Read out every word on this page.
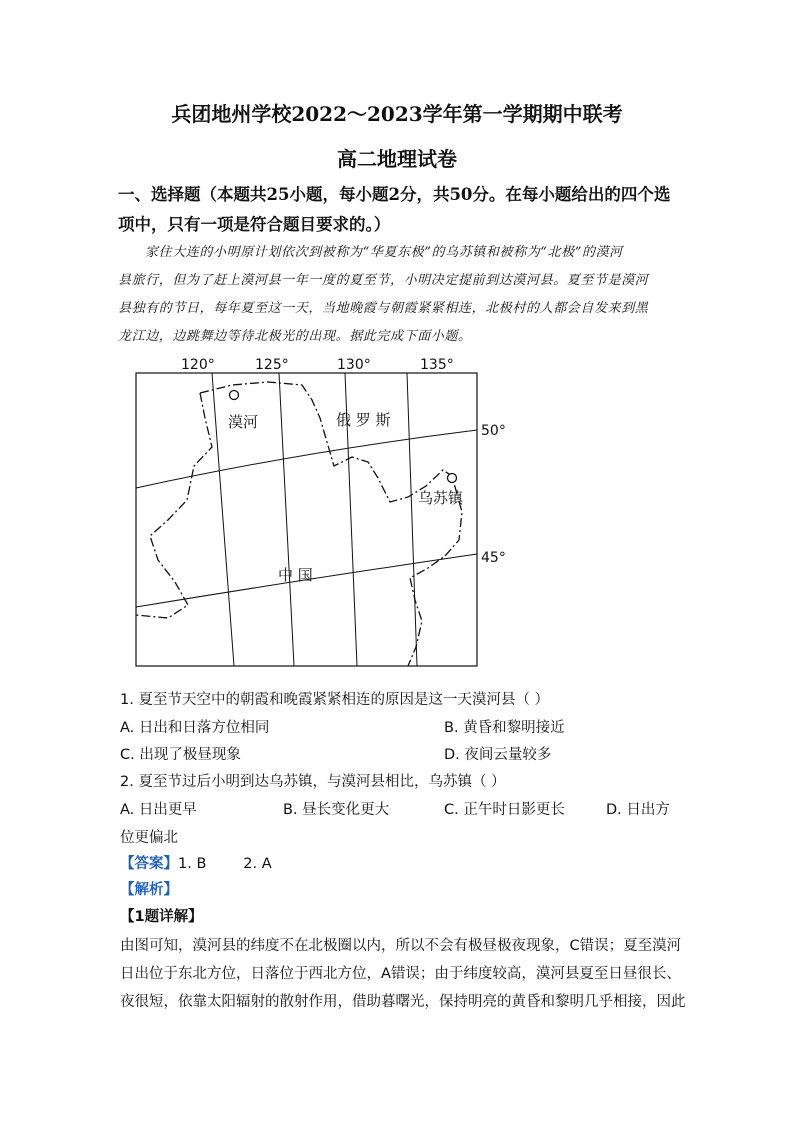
兵团地州学校2022～2023学年第一学期期中联考
高二地理试卷
一、选择题（本题共25小题，每小题2分，共50分。在每小题给出的四个选
项中，只有一项是符合题目要求的。）
家住大连的小明原计划依次到被称为“华夏东极”的乌苏镇和被称为“北极”的漠河
县旅行，但为了赶上漠河县一年一度的夏至节，小明决定提前到达漠河县。夏至节是漠河
县独有的节日，每年夏至这一天，当地晚霞与朝霞紧紧相连，北极村的人都会自发来到黑
龙江边，边跳舞边等待北极光的出现。据此完成下面小题。
120°	125°	130°	135°
50°
45°
漠河	俄 罗 斯
乌苏镇
中 国
1. 夏至节天空中的朝霞和晚霞紧紧相连的原因是这一天漠河县（ ）
A. 日出和日落方位相同	B. 黄昏和黎明接近
C. 出现了极昼现象	D. 夜间云量较多
2. 夏至节过后小明到达乌苏镇，与漠河县相比，乌苏镇（ ）
A. 日出更早	B. 昼长变化更大	C. 正午时日影更长	D. 日出方
位更偏北
【答案】1. B        2. A
【解析】
【1题详解】
由图可知，漠河县的纬度不在北极圈以内，所以不会有极昼极夜现象，C错误；夏至漠河
日出位于东北方位，日落位于西北方位，A错误；由于纬度较高，漠河县夏至日昼很长、
夜很短，依靠太阳辐射的散射作用，借助暮曙光，保持明亮的黄昏和黎明几乎相接，因此
